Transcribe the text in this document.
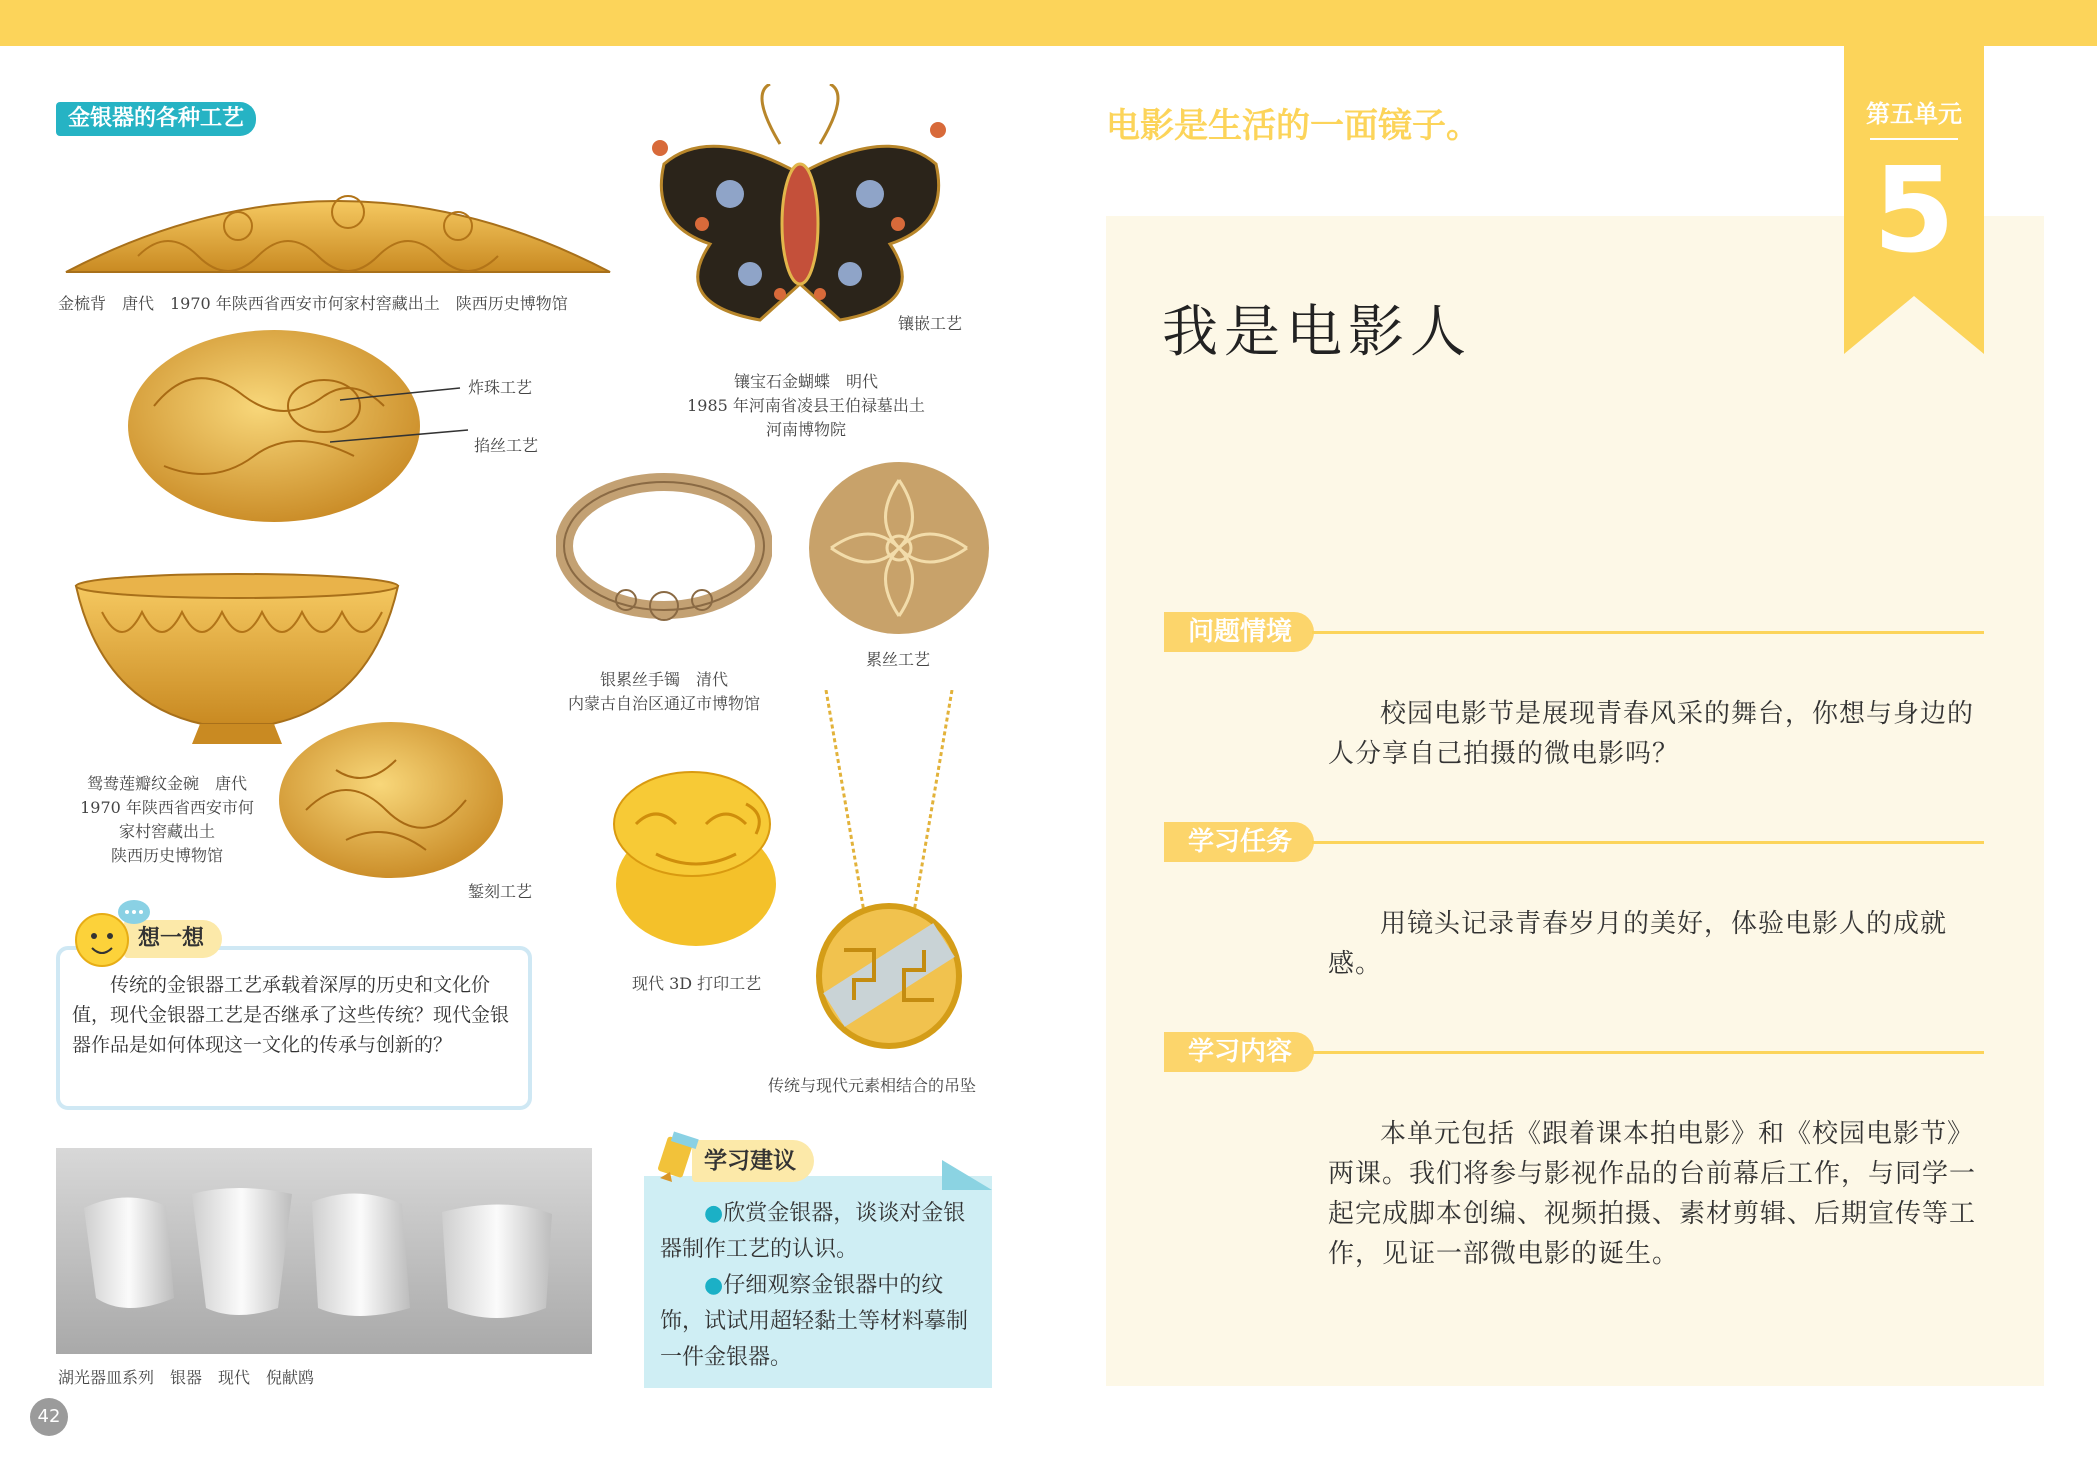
金银器的各种工艺
金梳背　唐代　1970 年陕西省西安市何家村窖藏出土　陕西历史博物馆
炸珠工艺
掐丝工艺
鸳鸯莲瓣纹金碗　唐代
1970 年陕西省西安市何
家村窖藏出土
陕西历史博物馆
錾刻工艺
想一想
传统的金银器工艺承载着深厚的历史和文化价值，现代金银器工艺是否继承了这些传统？现代金银器作品是如何体现这一文化的传承与创新的？
湖光器皿系列　银器　现代　倪献鸥
镶嵌工艺
镶宝石金蝴蝶　明代
1985 年河南省凌县王伯禄墓出土
河南博物院
银累丝手镯　清代
内蒙古自治区通辽市博物馆
累丝工艺
现代 3D 打印工艺
传统与现代元素相结合的吊坠
学习建议
●欣赏金银器，谈谈对金银器制作工艺的认识。
●仔细观察金银器中的纹饰，试试用超轻黏土等材料摹制一件金银器。
42
电影是生活的一面镜子。	第五单元
5
我是电影人
问题情境
校园电影节是展现青春风采的舞台，你想与身边的人分享自己拍摄的微电影吗？
学习任务
用镜头记录青春岁月的美好，体验电影人的成就感。
学习内容
本单元包括《跟着课本拍电影》和《校园电影节》两课。我们将参与影视作品的台前幕后工作，与同学一起完成脚本创编、视频拍摄、素材剪辑、后期宣传等工作，见证一部微电影的诞生。
